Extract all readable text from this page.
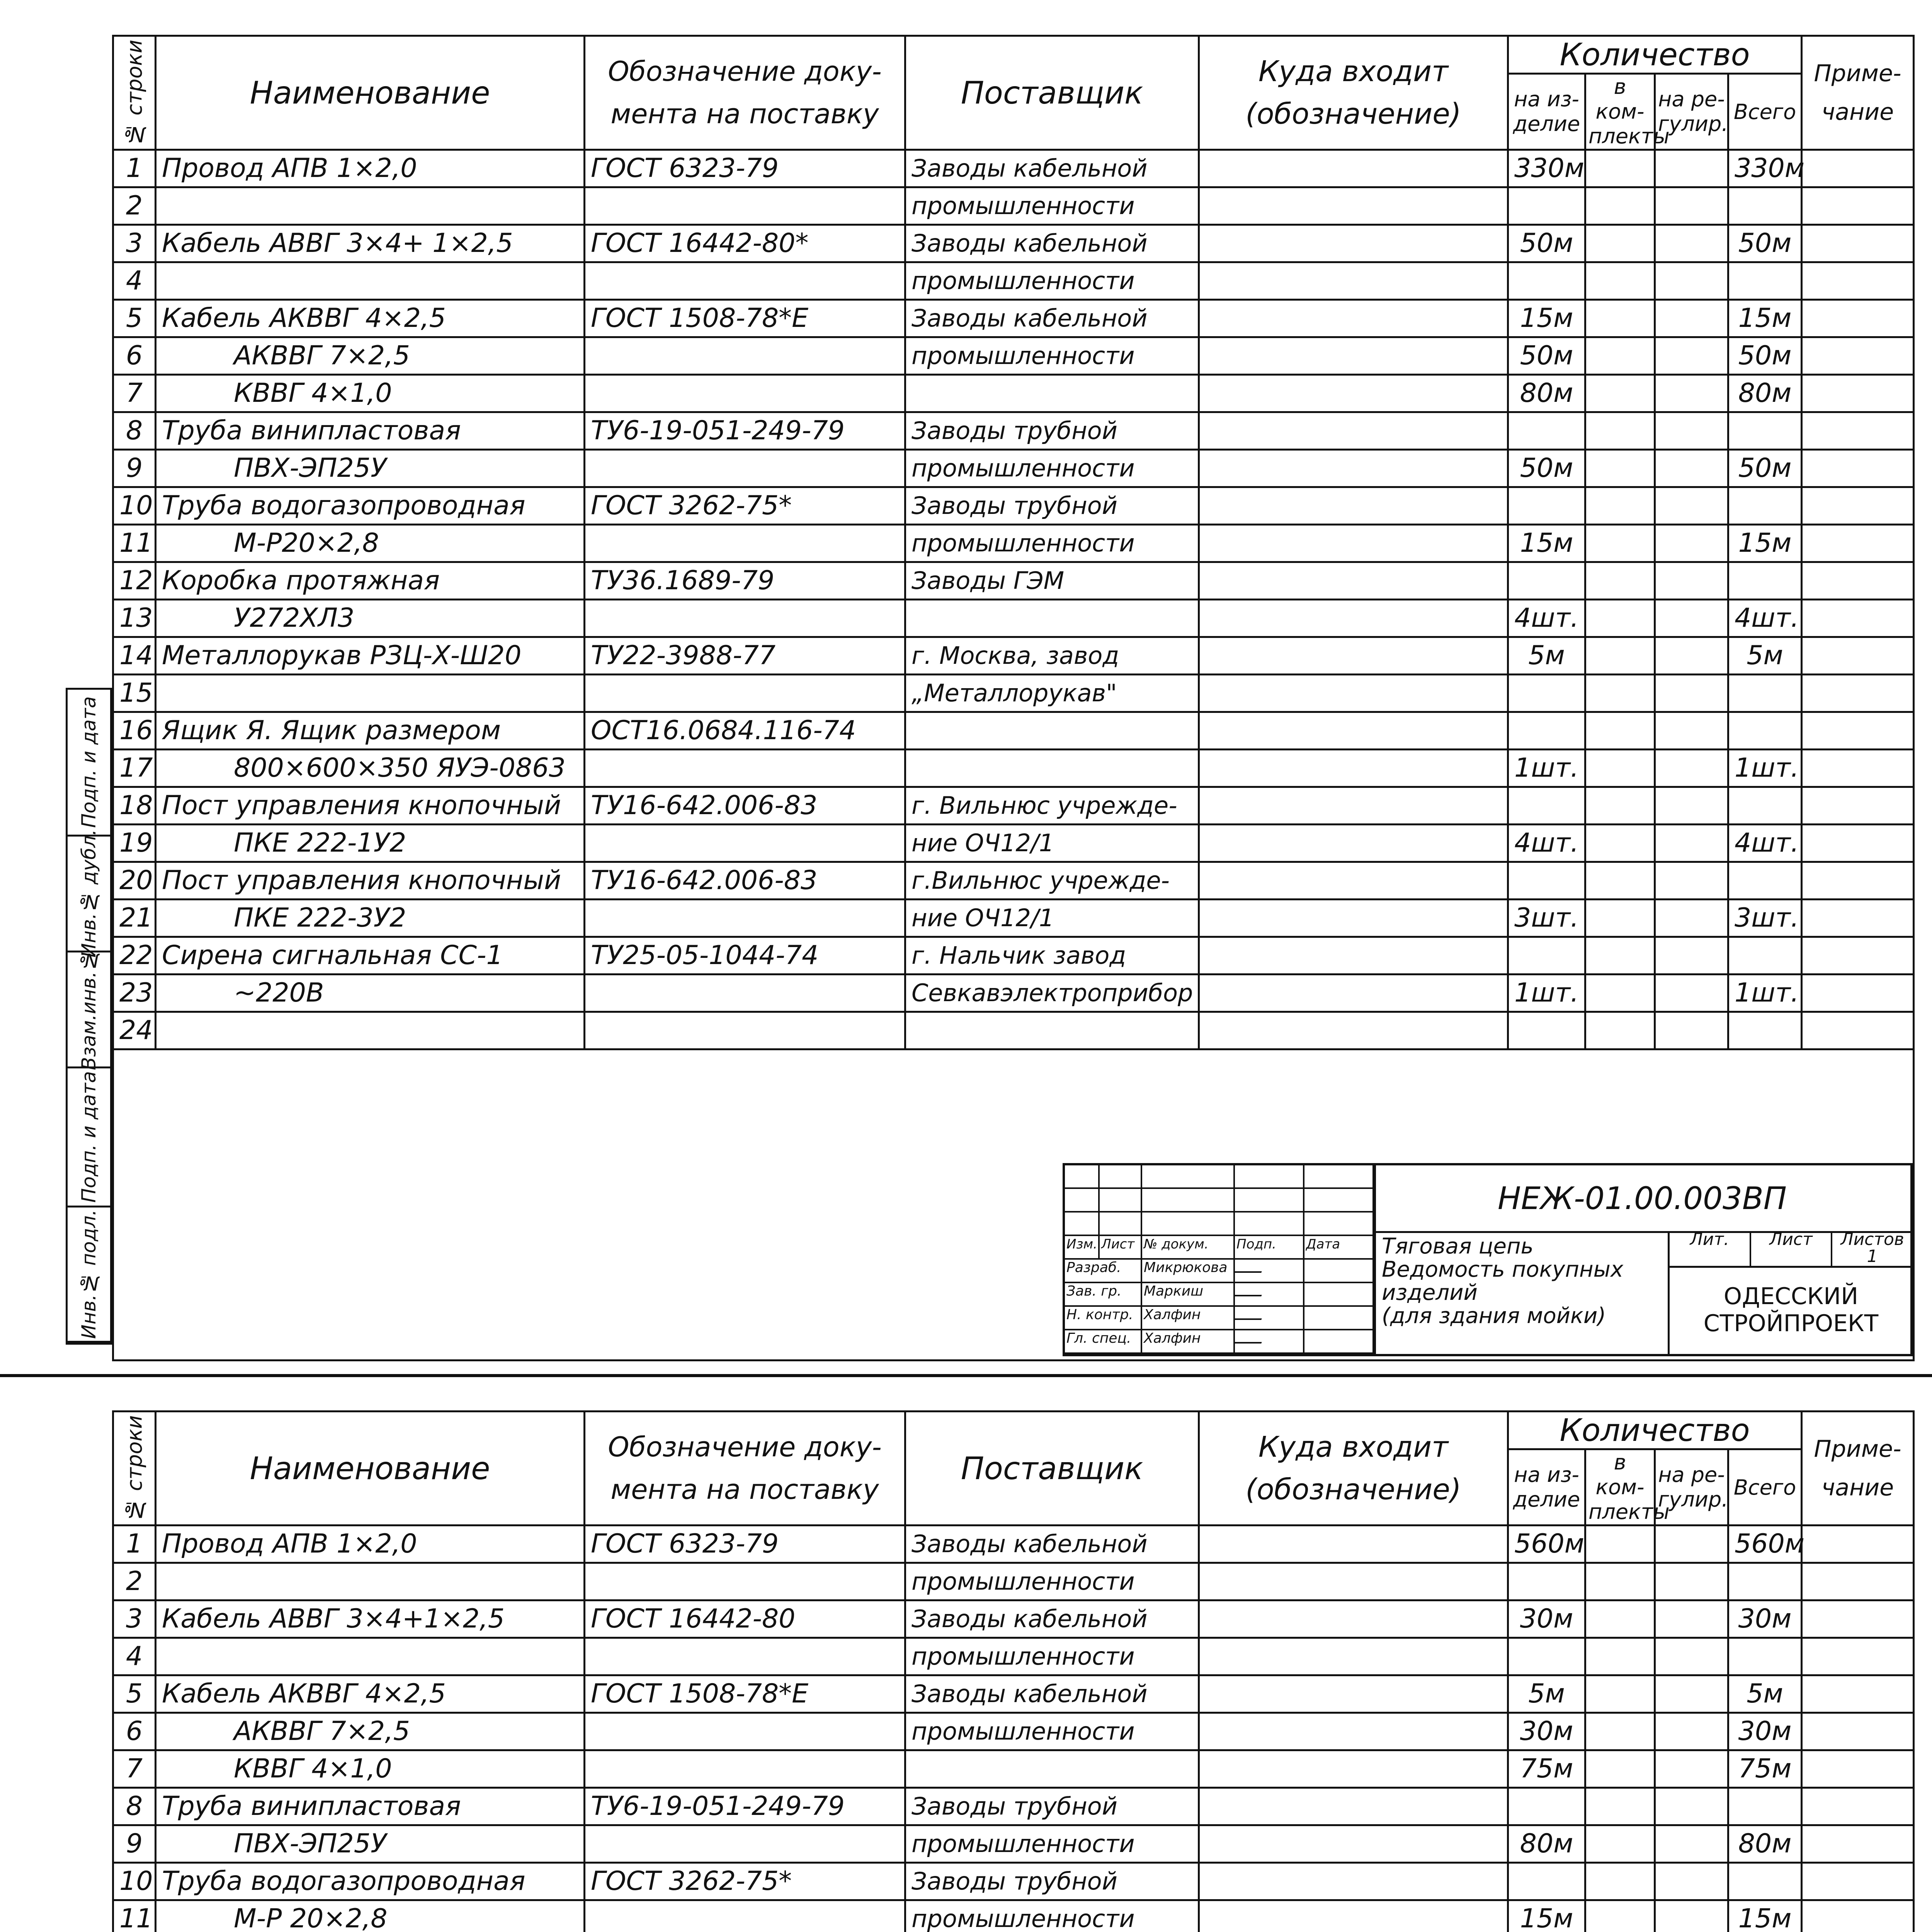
№ строки	Наименование	Обозначение доку-мента на поставку	Поставщик	Куда входит (обозначение)	Количество				Приме-чание
					на из-делие	в ком-плекты	на ре-гулир.	Всего	
1	Провод АПВ 1×2,0	ГОСТ 6323-79	Заводы кабельной		330м			330м	
2			промышленности						
3	Кабель АВВГ 3×4+ 1×2,5	ГОСТ 16442-80*	Заводы кабельной		50м			50м	
4			промышленности						
5	Кабель АКВВГ 4×2,5	ГОСТ 1508-78*Е	Заводы кабельной		15м			15м	
6	АКВВГ 7×2,5		промышленности		50м			50м	
7	КВВГ 4×1,0				80м			80м	
8	Труба винипластовая	ТУ6-19-051-249-79	Заводы трубной						
9	ПВХ-ЭП25У		промышленности		50м			50м	
10	Труба водогазопроводная	ГОСТ 3262-75*	Заводы трубной						
11	М-Р20×2,8		промышленности		15м			15м	
12	Коробка протяжная	ТУ36.1689-79	Заводы ГЭМ						
13	У272ХЛ3				4шт.			4шт.	
14	Металлорукав РЗЦ-Х-Ш20	ТУ22-3988-77	г. Москва, завод		5м			5м	
15			„Металлорукав"						
16	Ящик Я. Ящик размером	ОСТ16.0684.116-74							
17	800×600×350 ЯУЭ-0863				1шт.			1шт.	
18	Пост управления кнопочный	ТУ16-642.006-83	г. Вильнюс учрежде-						
19	ПКЕ 222-1У2		ние ОЧ12/1		4шт.			4шт.	
20	Пост управления кнопочный	ТУ16-642.006-83	г.Вильнюс учрежде-						
21	ПКЕ 222-3У2		ние ОЧ12/1		3шт.			3шт.	
22	Сирена сигнальная СС-1	ТУ25-05-1044-74	г. Нальчик завод						
23	~220В		Севкавэлектроприбор		1шт.			1шт.	
24									

Подп. и дата
Инв.№ дубл.
Взам.инв.№
Подп. и дата
Инв.№ подл.	Изм. Лист № докум.	Подп.	Дата
Разраб.	Микрюкова
Зав. гр.	Маркиш
Н. контр. Халфин
Гл. спец. Халфин
НЕЖ-01.00.003ВП
Тяговая цепь
Ведомость покупных
изделий
(для здания мойки)
Лит.	Лист	Листов
1
ОДЕССКИЙ
СТРОЙПРОЕКТ
№ строки	Наименование	Обозначение доку-мента на поставку	Поставщик	Куда входит (обозначение)	Количество				Приме-чание
					на из-делие	в ком-плекты	на ре-гулир.	Всего	
1	Провод АПВ 1×2,0	ГОСТ 6323-79	Заводы кабельной		560м			560м	
2			промышленности						
3	Кабель АВВГ 3×4+1×2,5	ГОСТ 16442-80	Заводы кабельной		30м			30м	
4			промышленности						
5	Кабель АКВВГ 4×2,5	ГОСТ 1508-78*Е	Заводы кабельной		5м			5м	
6	АКВВГ 7×2,5		промышленности		30м			30м	
7	КВВГ 4×1,0				75м			75м	
8	Труба винипластовая	ТУ6-19-051-249-79	Заводы трубной						
9	ПВХ-ЭП25У		промышленности		80м			80м	
10	Труба водогазопроводная	ГОСТ 3262-75*	Заводы трубной						
11	М-Р 20×2,8		промышленности		15м			15м	
